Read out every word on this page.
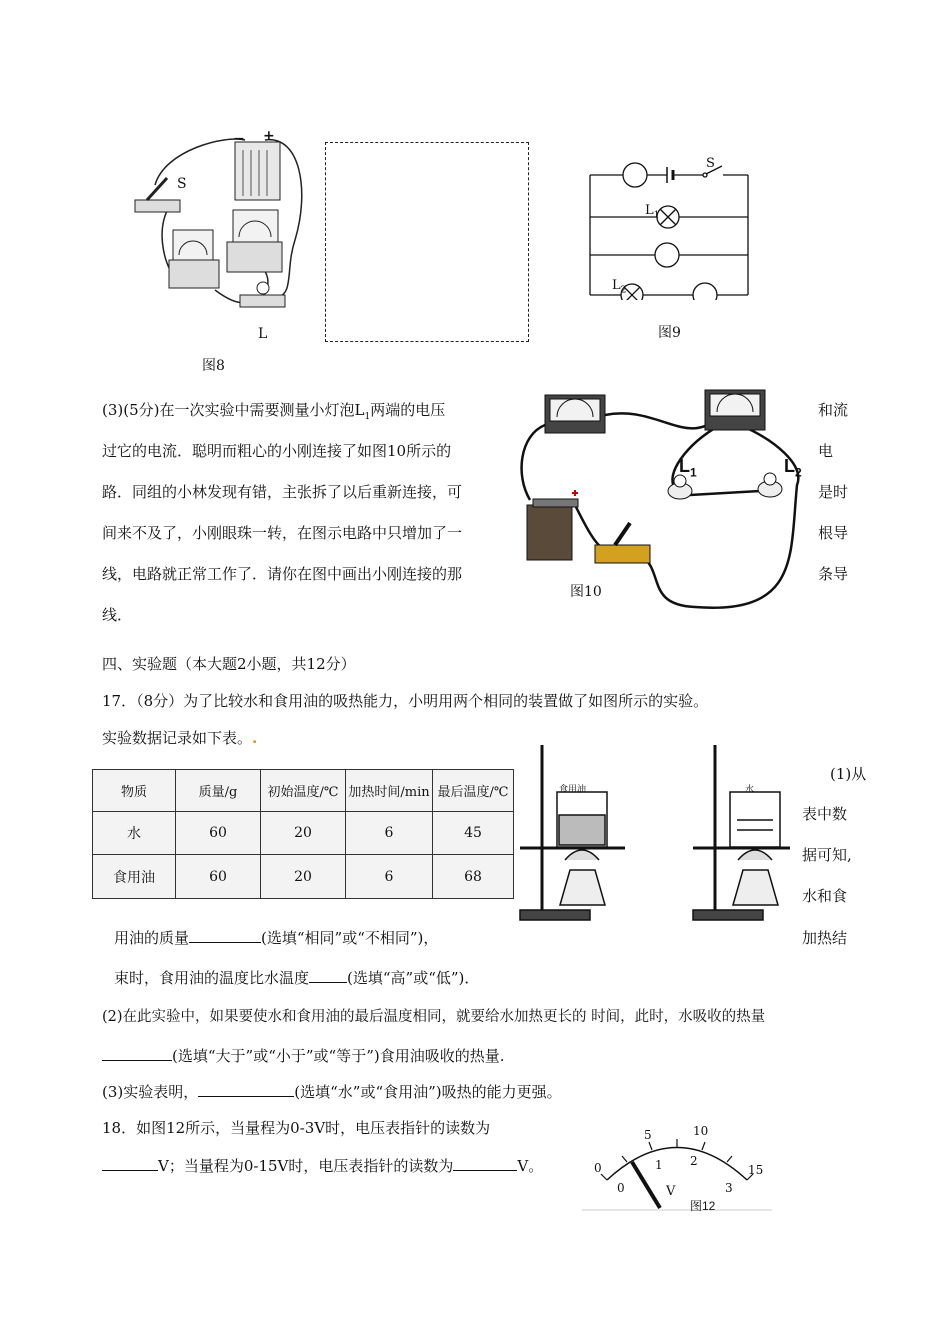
− +
S
L
图8
S
$L_1$
$L_2$
图9
(3)(5分)在一次实验中需要测量小灯泡$L_1$两端的电压
过它的电流．聪明而粗心的小刚连接了如图10所示的
路．同组的小林发现有错，主张拆了以后重新连接，可
间来不及了，小刚眼珠一转，在图示电路中只增加了一
线，电路就正常工作了．请你在图中画出小刚连接的那
线．
和流
电
是时
根导
条导
$L_1$	$L_2$
图10
四、实验题（本大题2小题，共12分）
17．（8分）为了比较水和食用油的吸热能力，小明用两个相同的装置做了如图所示的实验。
实验数据记录如下表。.
物质	质量/g	初始温度/℃	加热时间/min	最后温度/℃
水	60	20	6	45
食用油	60	20	6	68
食用油	水
(1)从
表中数
据可知,
水和食
加热结
用油的质量	(选填“相同”或“不相同”)，
束时，食用油的温度比水温度	(选填“高”或“低”)．
(2)在此实验中，如果要使水和食用油的最后温度相同，就要给水加热更长的 时间，此时，水吸收的热量
(选填“大于”或“小于”或“等于”)食用油吸收的热量.
(3)实验表明，	(选填“水”或“食用油”)吸热的能力更强。
18．如图12所示，当量程为0-3V时，电压表指针的读数为
V；当量程为0-15V时，电压表指针的读数为	V。	0
5	10
15
0
1 2
3
V
图12
